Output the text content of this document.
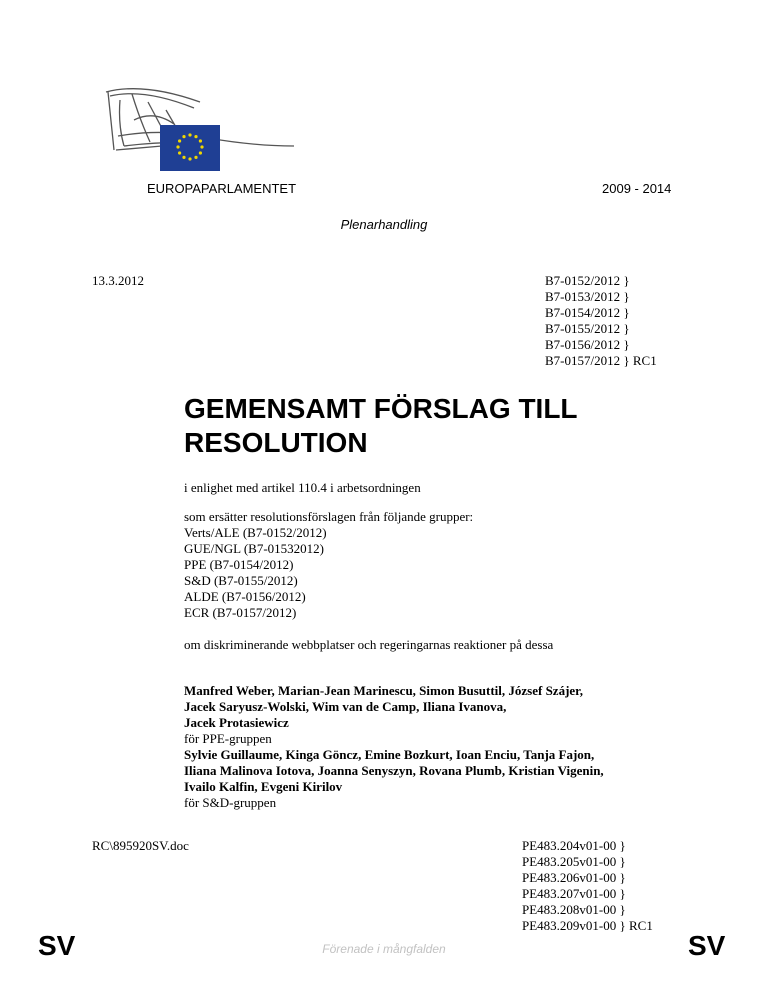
EUROPAPARLAMENTET	2009 - 2014
Plenarhandling
13.3.2012	B7-0152/2012 }
B7-0153/2012 }
B7-0154/2012 }
B7-0155/2012 }
B7-0156/2012 }
B7-0157/2012 } RC1
GEMENSAMT FÖRSLAG TILL
RESOLUTION
i enlighet med artikel 110.4 i arbetsordningen
som ersätter resolutionsförslagen från följande grupper:
Verts/ALE (B7-0152/2012)
GUE/NGL (B7-01532012)
PPE (B7-0154/2012)
S&D (B7-0155/2012)
ALDE (B7-0156/2012)
ECR (B7-0157/2012)
om diskriminerande webbplatser och regeringarnas reaktioner på dessa
Manfred Weber, Marian-Jean Marinescu, Simon Busuttil, József Szájer,
Jacek Saryusz-Wolski, Wim van de Camp, Iliana Ivanova,
Jacek Protasiewicz
för PPE-gruppen
Sylvie Guillaume, Kinga Göncz, Emine Bozkurt, Ioan Enciu, Tanja Fajon,
Iliana Malinova Iotova, Joanna Senyszyn, Rovana Plumb, Kristian Vigenin,
Ivailo Kalfin, Evgeni Kirilov
för S&D-gruppen
RC\895920SV.doc	PE483.204v01-00 }
PE483.205v01-00 }
PE483.206v01-00 }
PE483.207v01-00 }
PE483.208v01-00 }
PE483.209v01-00 } RC1
SV	Förenade i mångfalden	SV
